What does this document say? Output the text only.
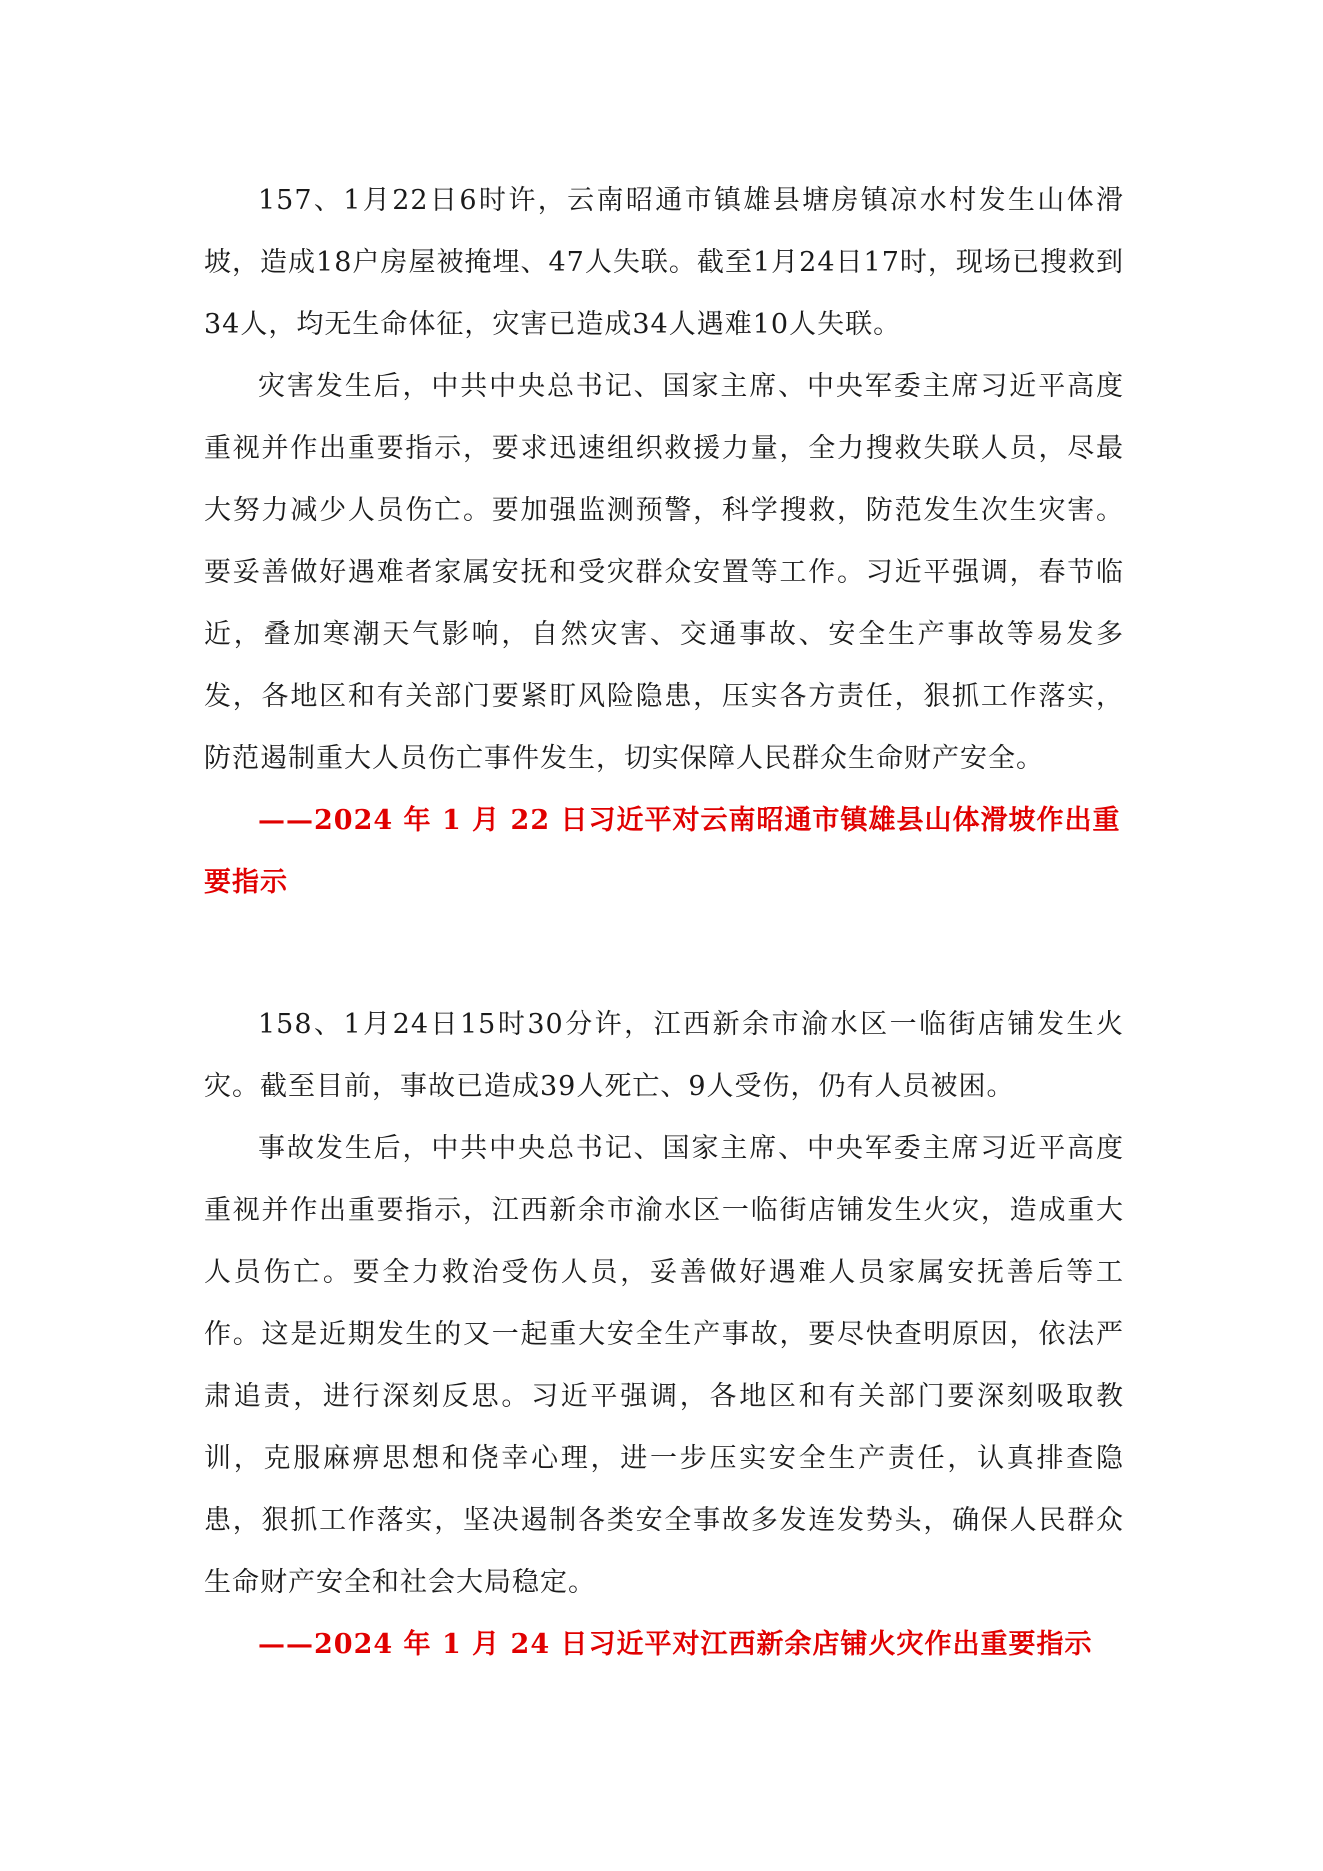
157、1月22日6时许，云南昭通市镇雄县塘房镇凉水村发生山体滑坡，造成18户房屋被掩埋、47人失联。截至1月24日17时，现场已搜救到34人，均无生命体征，灾害已造成34人遇难10人失联。

灾害发生后，中共中央总书记、国家主席、中央军委主席习近平高度重视并作出重要指示，要求迅速组织救援力量，全力搜救失联人员，尽最大努力减少人员伤亡。要加强监测预警，科学搜救，防范发生次生灾害。要妥善做好遇难者家属安抚和受灾群众安置等工作。习近平强调，春节临近，叠加寒潮天气影响，自然灾害、交通事故、安全生产事故等易发多发，各地区和有关部门要紧盯风险隐患，压实各方责任，狠抓工作落实，防范遏制重大人员伤亡事件发生，切实保障人民群众生命财产安全。

——2024 年 1 月 22 日习近平对云南昭通市镇雄县山体滑坡作出重要指示

158、1月24日15时30分许，江西新余市渝水区一临街店铺发生火灾。截至目前，事故已造成39人死亡、9人受伤，仍有人员被困。

事故发生后，中共中央总书记、国家主席、中央军委主席习近平高度重视并作出重要指示，江西新余市渝水区一临街店铺发生火灾，造成重大人员伤亡。要全力救治受伤人员，妥善做好遇难人员家属安抚善后等工作。这是近期发生的又一起重大安全生产事故，要尽快查明原因，依法严肃追责，进行深刻反思。习近平强调，各地区和有关部门要深刻吸取教训，克服麻痹思想和侥幸心理，进一步压实安全生产责任，认真排查隐患，狠抓工作落实，坚决遏制各类安全事故多发连发势头，确保人民群众生命财产安全和社会大局稳定。

——2024 年 1 月 24 日习近平对江西新余店铺火灾作出重要指示
